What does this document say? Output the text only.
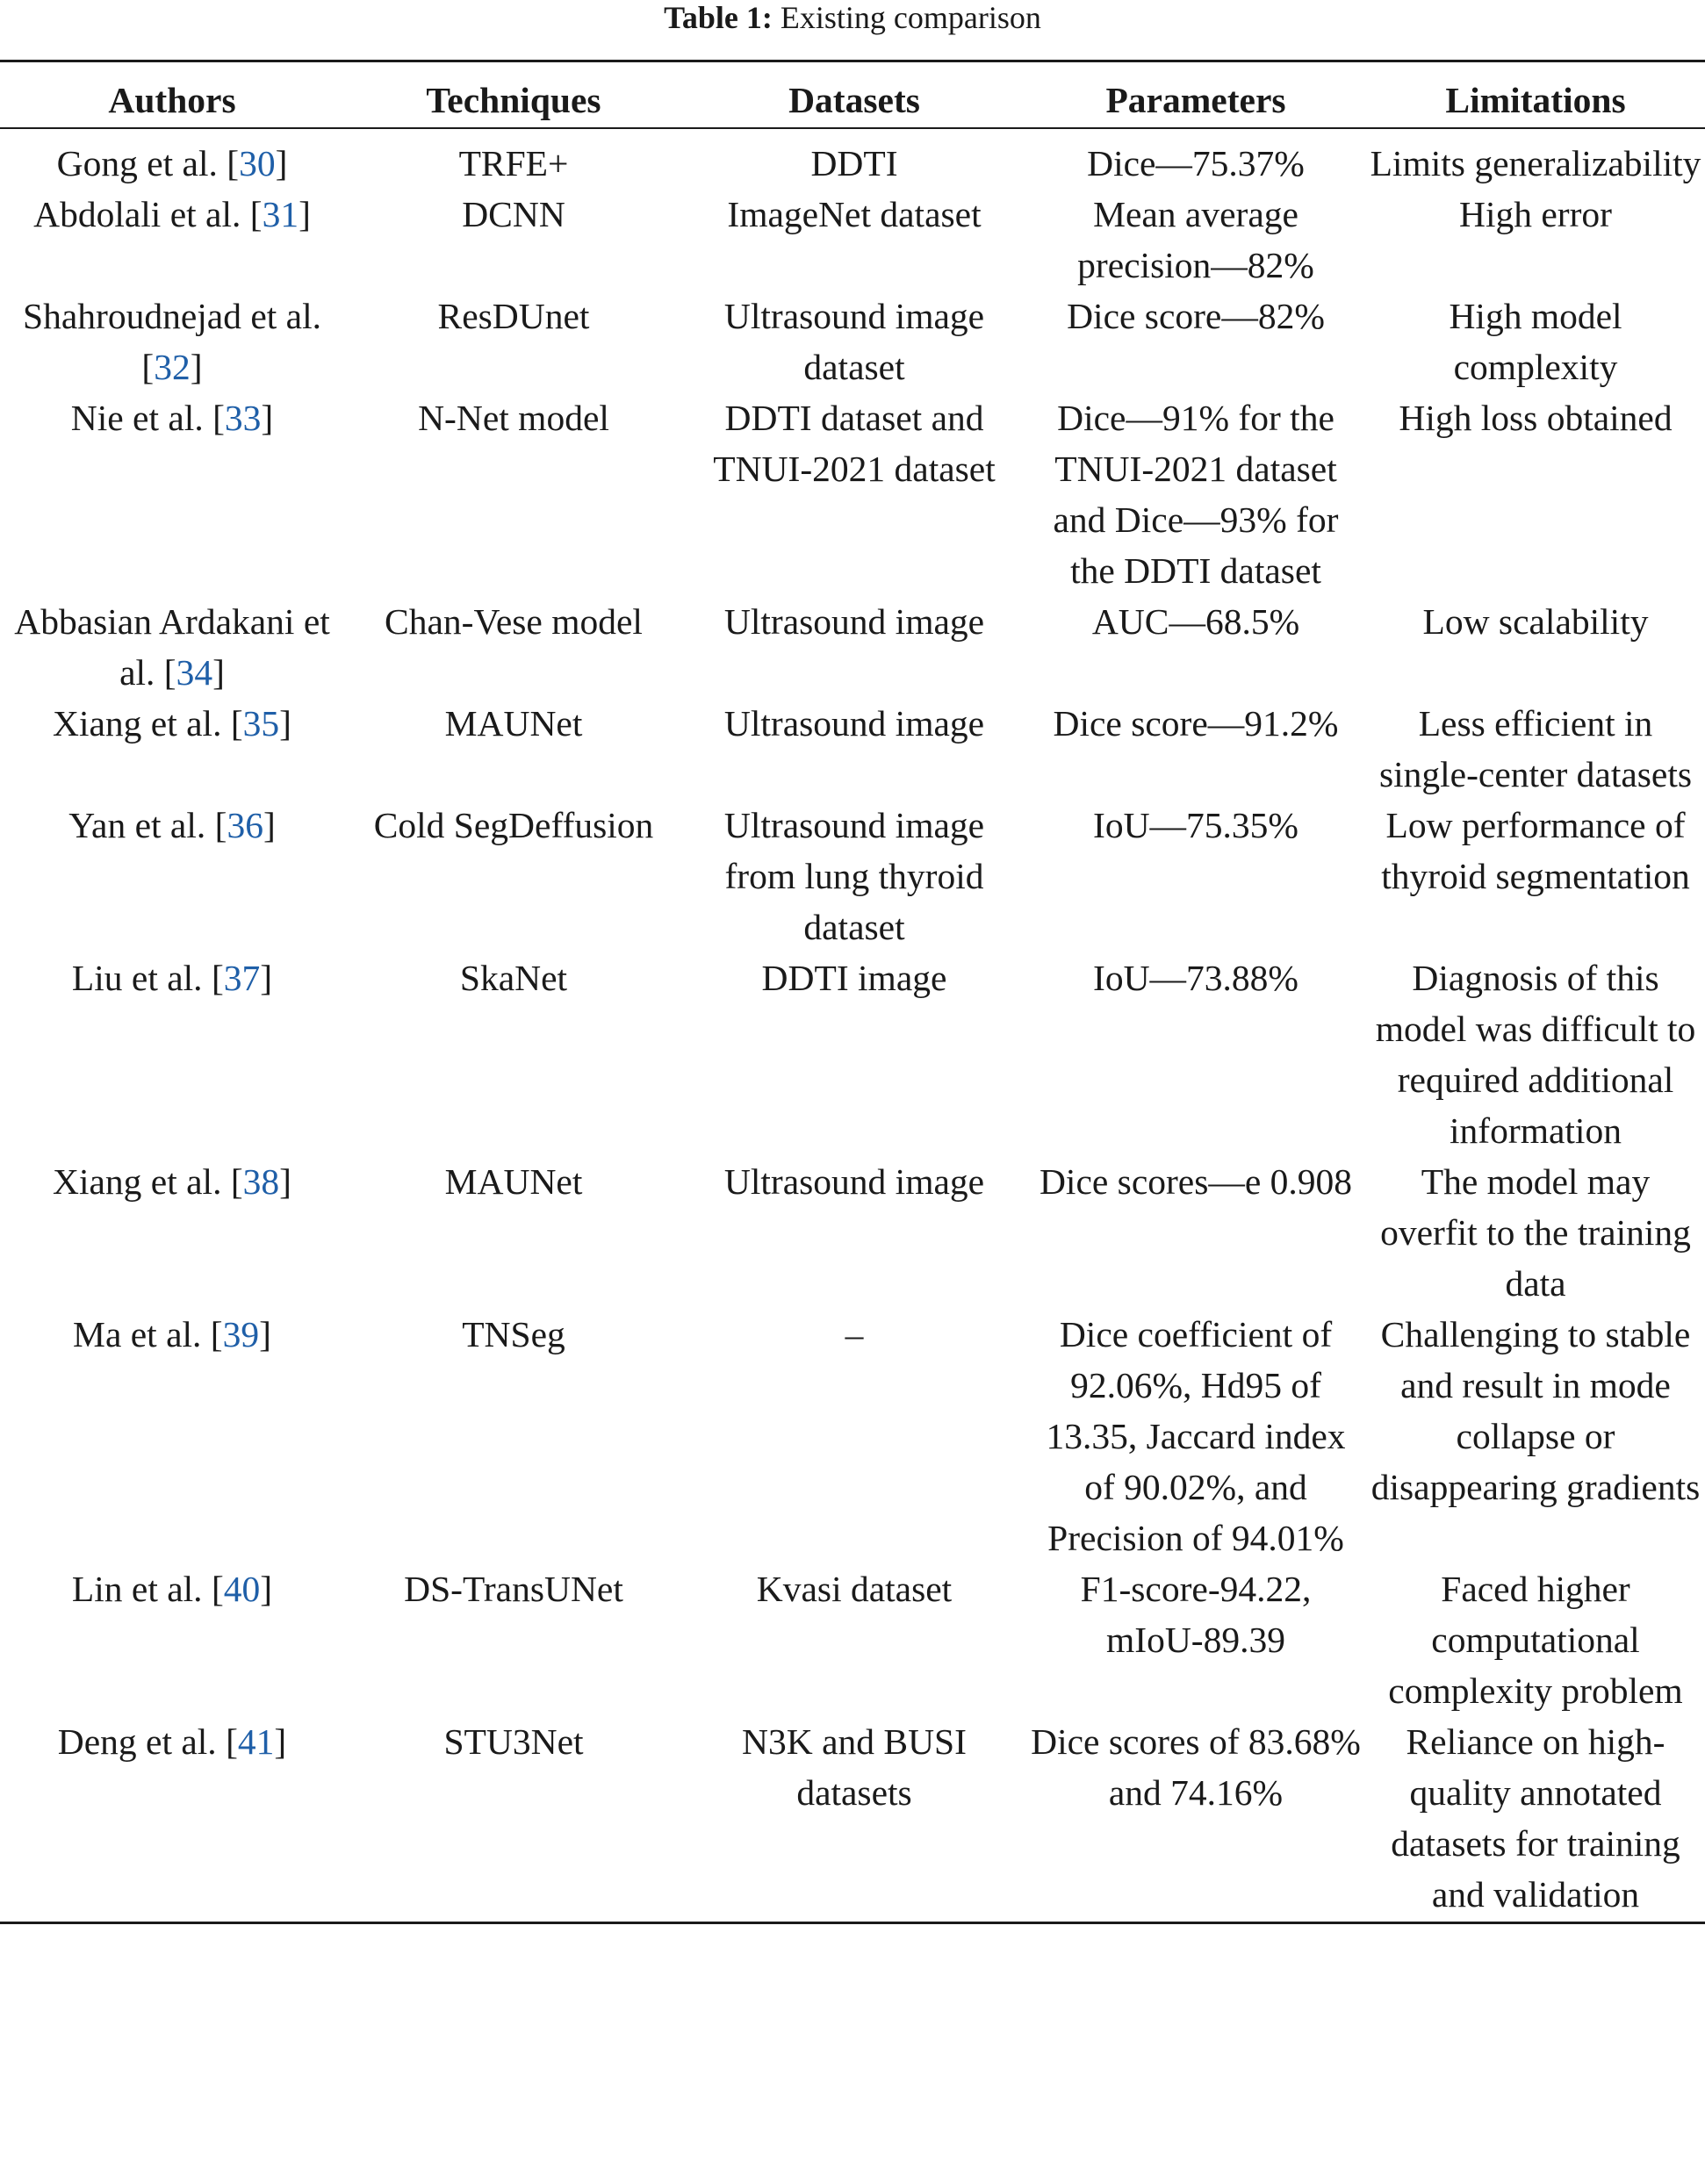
Table 1: Existing comparison
Authors	Techniques	Datasets	Parameters	Limitations
Gong et al. [30]	TRFE+	DDTI	Dice—75.37%	Limits generalizability
Abdolali et al. [31]	DCNN	ImageNet dataset	Mean average precision—82%	High error
Shahroudnejad et al. [32]	ResDUnet	Ultrasound image dataset	Dice score—82%	High model complexity
Nie et al. [33]	N-Net model	DDTI dataset and TNUI-2021 dataset	Dice—91% for the TNUI-2021 dataset and Dice—93% for the DDTI dataset	High loss obtained
Abbasian Ardakani et al. [34]	Chan-Vese model	Ultrasound image	AUC—68.5%	Low scalability
Xiang et al. [35]	MAUNet	Ultrasound image	Dice score—91.2%	Less efficient in single-center datasets
Yan et al. [36]	Cold SegDeffusion	Ultrasound image from lung thyroid dataset	IoU—75.35%	Low performance of thyroid segmentation
Liu et al. [37]	SkaNet	DDTI image	IoU—73.88%	Diagnosis of this model was difficult to required additional information
Xiang et al. [38]	MAUNet	Ultrasound image	Dice scores—e 0.908	The model may overfit to the training data
Ma et al. [39]	TNSeg	–	Dice coefficient of 92.06%, Hd95 of 13.35, Jaccard index of 90.02%, and Precision of 94.01%	Challenging to stable and result in mode collapse or disappearing gradients
Lin et al. [40]	DS-TransUNet	Kvasi dataset	F1-score-94.22, mIoU-89.39	Faced higher computational complexity problem
Deng et al. [41]	STU3Net	N3K and BUSI datasets	Dice scores of 83.68% and 74.16%	Reliance on high-quality annotated datasets for training and validation
